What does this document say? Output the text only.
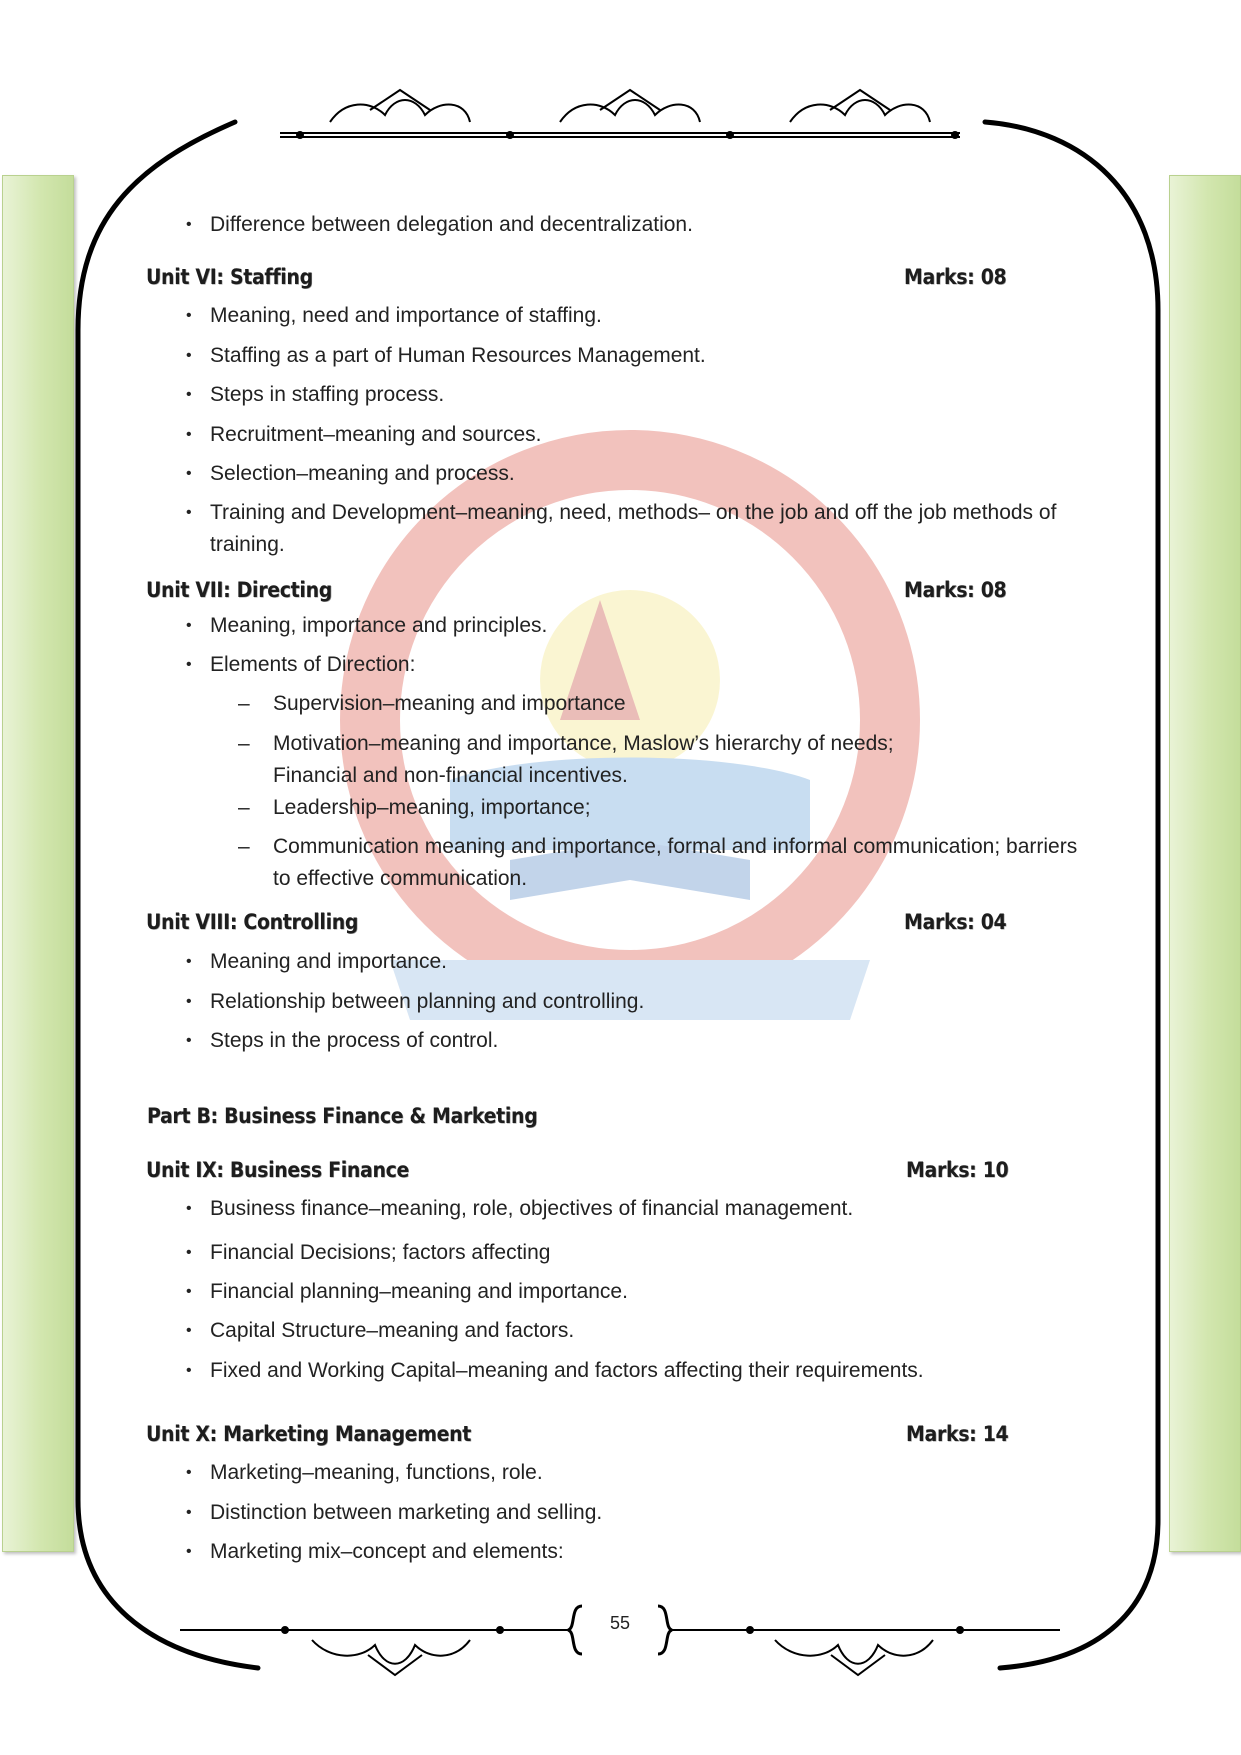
• Difference between delegation and decentralization.
Unit VI: Staffing	Marks: 08
• Meaning, need and importance of staffing.
• Staffing as a part of Human Resources Management.
• Steps in staffing process.
• Recruitment–meaning and sources.
• Selection–meaning and process.
• Training and Development–meaning, need, methods– on the job and off the job methods of training.
Unit VII: Directing	Marks: 08
• Meaning, importance and principles.
• Elements of Direction:
–	Supervision–meaning and importance
–	Motivation–meaning and importance, Maslow’s hierarchy of needs; Financial and non-financial incentives.
–	Leadership–meaning, importance;
–	Communication meaning and importance, formal and informal communication; barriers to effective communication.
Unit VIII: Controlling	Marks: 04
• Meaning and importance.
• Relationship between planning and controlling.
• Steps in the process of control.
Part B: Business Finance & Marketing
Unit IX: Business Finance	Marks: 10
• Business finance–meaning, role, objectives of financial management.
• Financial Decisions; factors affecting
• Financial planning–meaning and importance.
• Capital Structure–meaning and factors.
• Fixed and Working Capital–meaning and factors affecting their requirements.
Unit X: Marketing Management	Marks: 14
• Marketing–meaning, functions, role.
• Distinction between marketing and selling.
• Marketing mix–concept and elements:
55
